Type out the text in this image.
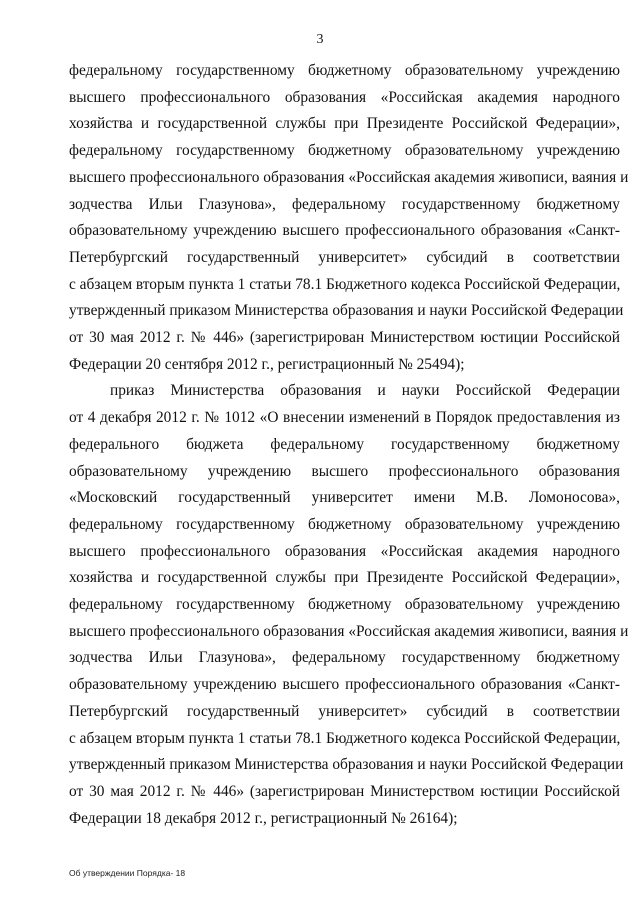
3
федеральному государственному бюджетному образовательному учреждению
высшего профессионального образования «Российская академия народного
хозяйства и государственной службы при Президенте Российской Федерации»,
федеральному государственному бюджетному образовательному учреждению
высшего профессионального образования «Российская академия живописи, ваяния и
зодчества Ильи Глазунова», федеральному государственному бюджетному
образовательному учреждению высшего профессионального образования «Санкт-
Петербургский государственный университет» субсидий в соответствии
с абзацем вторым пункта 1 статьи 78.1 Бюджетного кодекса Российской Федерации,
утвержденный приказом Министерства образования и науки Российской Федерации
от 30 мая 2012 г. № 446» (зарегистрирован Министерством юстиции Российской
Федерации 20 сентября 2012 г., регистрационный № 25494);
приказ Министерства образования и науки Российской Федерации
от 4 декабря 2012 г. № 1012 «О внесении изменений в Порядок предоставления из
федерального бюджета федеральному государственному бюджетному
образовательному учреждению высшего профессионального образования
«Московский государственный университет имени М.В. Ломоносова»,
федеральному государственному бюджетному образовательному учреждению
высшего профессионального образования «Российская академия народного
хозяйства и государственной службы при Президенте Российской Федерации»,
федеральному государственному бюджетному образовательному учреждению
высшего профессионального образования «Российская академия живописи, ваяния и
зодчества Ильи Глазунова», федеральному государственному бюджетному
образовательному учреждению высшего профессионального образования «Санкт-
Петербургский государственный университет» субсидий в соответствии
с абзацем вторым пункта 1 статьи 78.1 Бюджетного кодекса Российской Федерации,
утвержденный приказом Министерства образования и науки Российской Федерации
от 30 мая 2012 г. № 446» (зарегистрирован Министерством юстиции Российской
Федерации 18 декабря 2012 г., регистрационный № 26164);
Об утверждении Порядка- 18
